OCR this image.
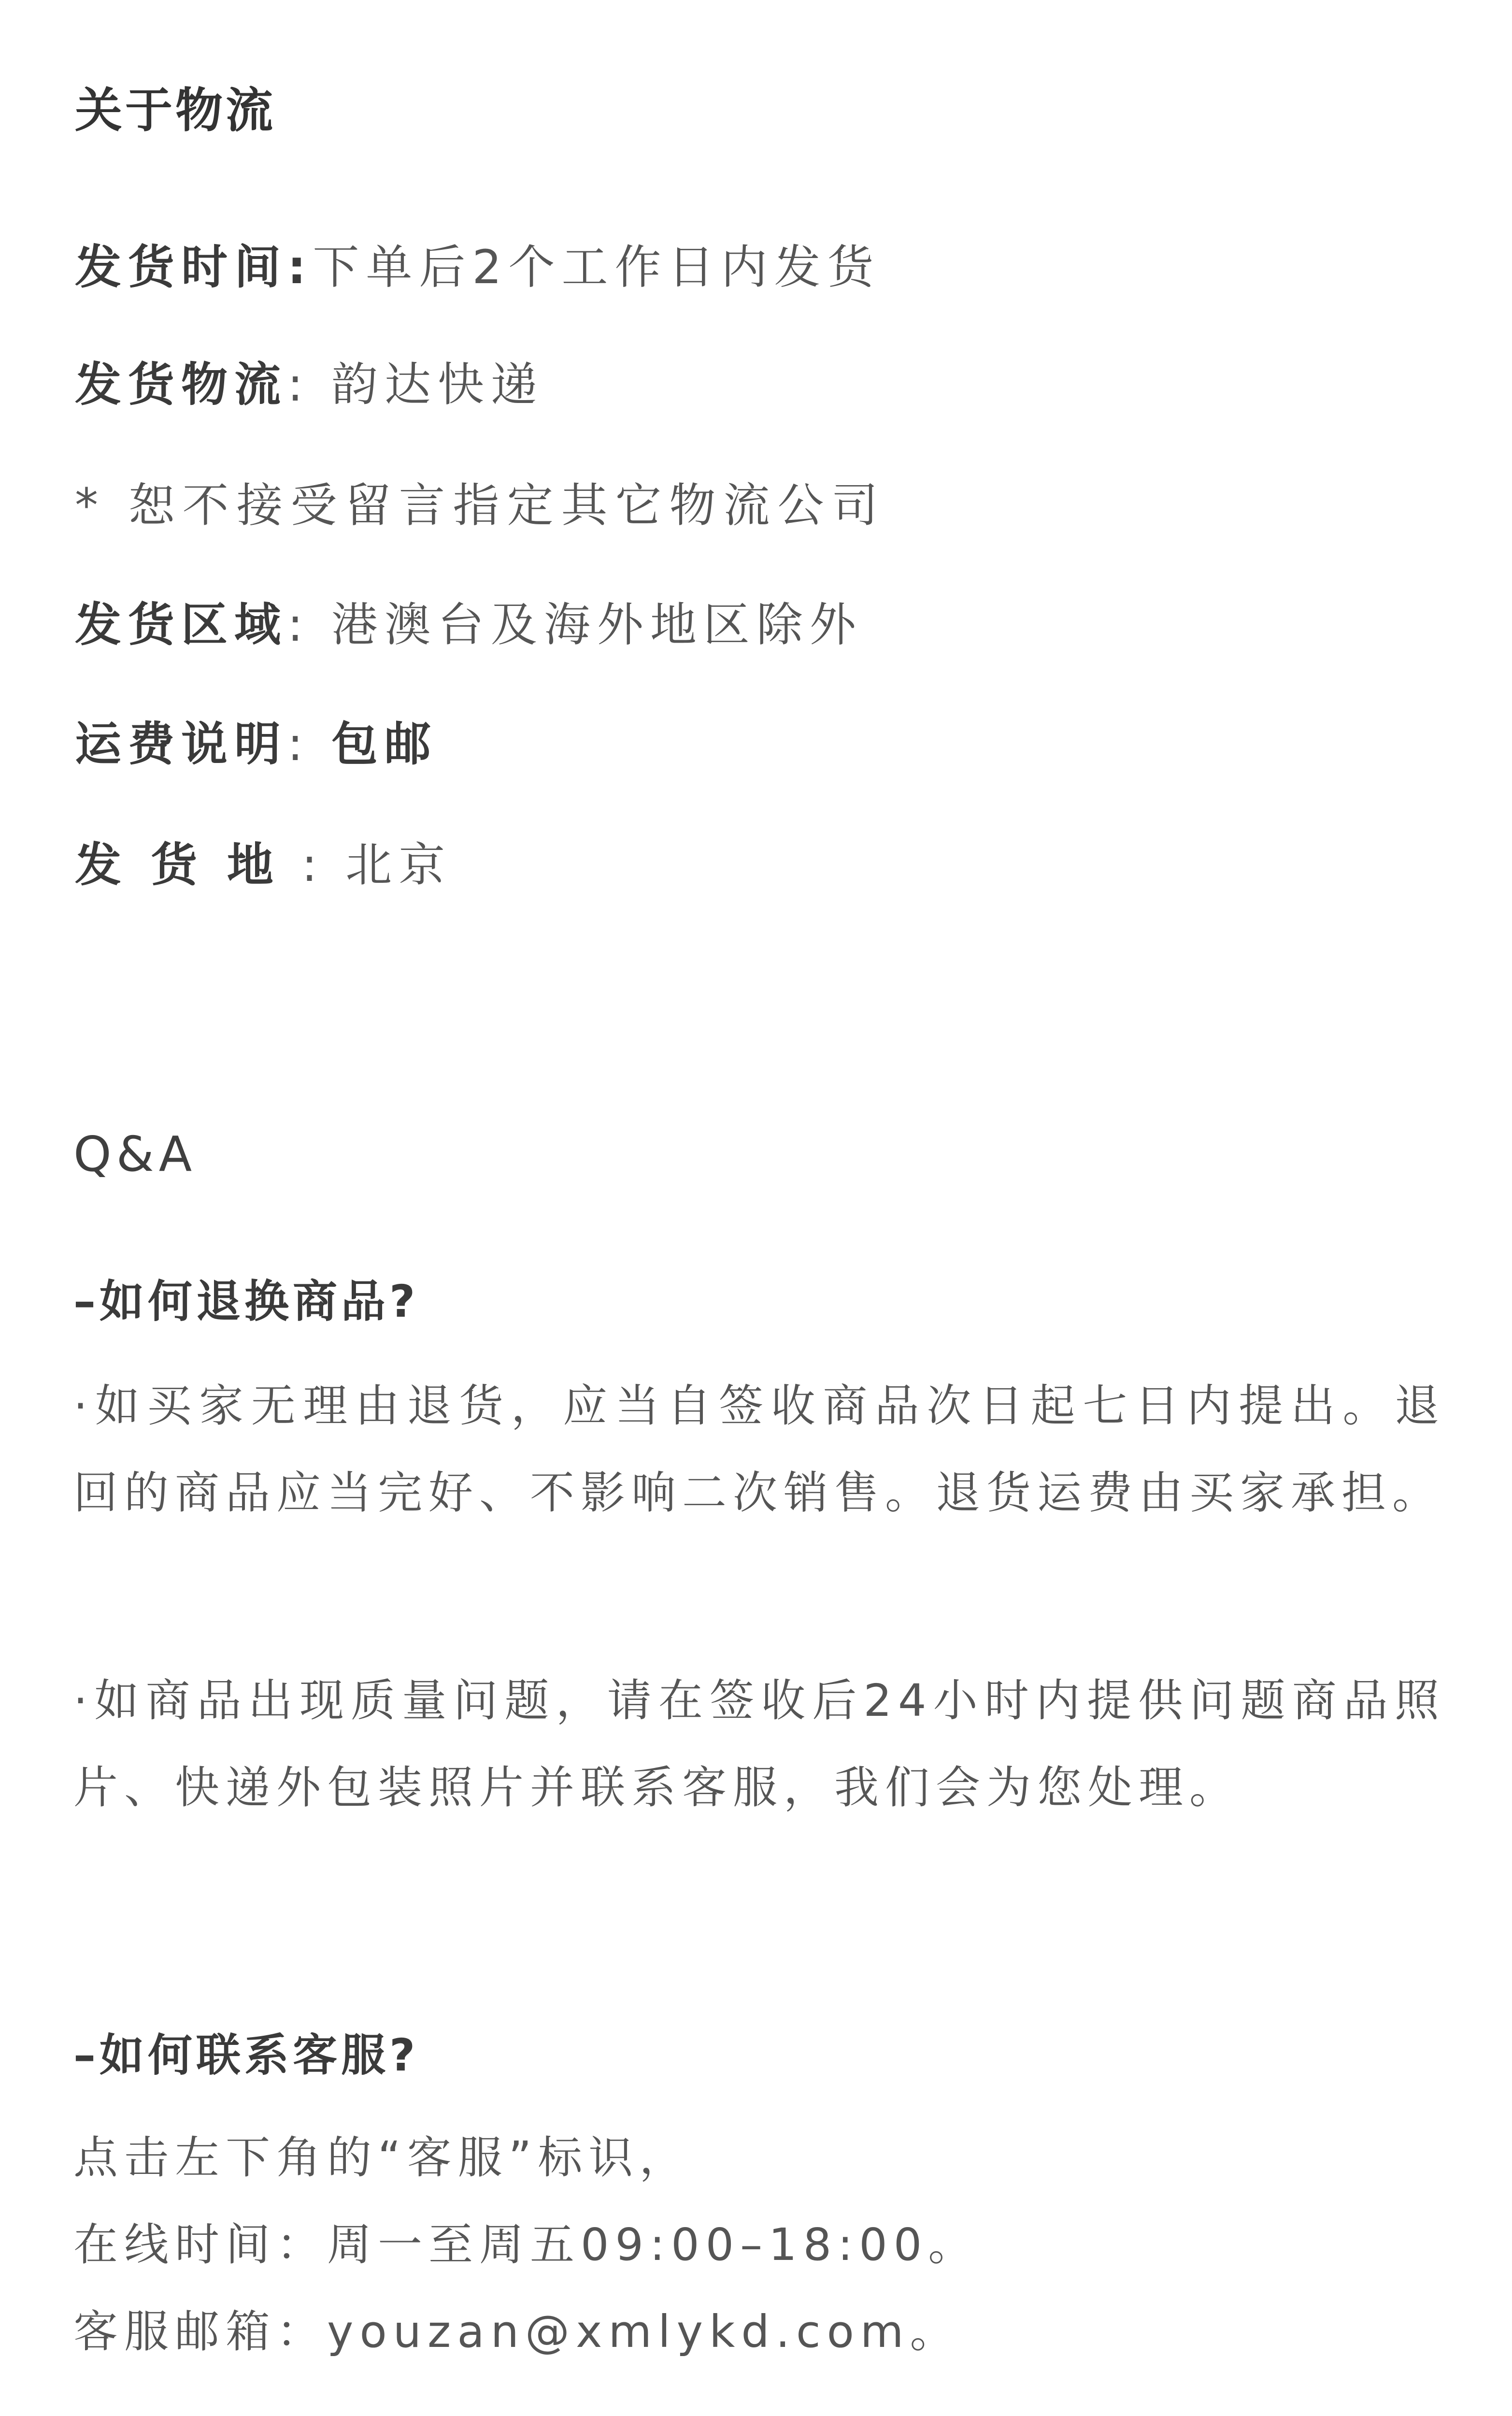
关于物流
发货时间:下单后2个工作日内发货
发货物流: 韵达快递
* 恕不接受留言指定其它物流公司
发货区域: 港澳台及海外地区除外
运费说明: 包邮
发 货 地 : 北京
Q&A
–如何退换商品?

·如买家无理由退货，应当自签收商品次日起七日内提出。退回的商品应当完好、不影响二次销售。退货运费由买家承担。

·如商品出现质量问题，请在签收后24小时内提供问题商品照片、快递外包装照片并联系客服，我们会为您处理。

–如何联系客服?
点击左下角的“客服”标识，
在线时间：周一至周五09:00–18:00。
客服邮箱：youzan@xmlykd.com。
